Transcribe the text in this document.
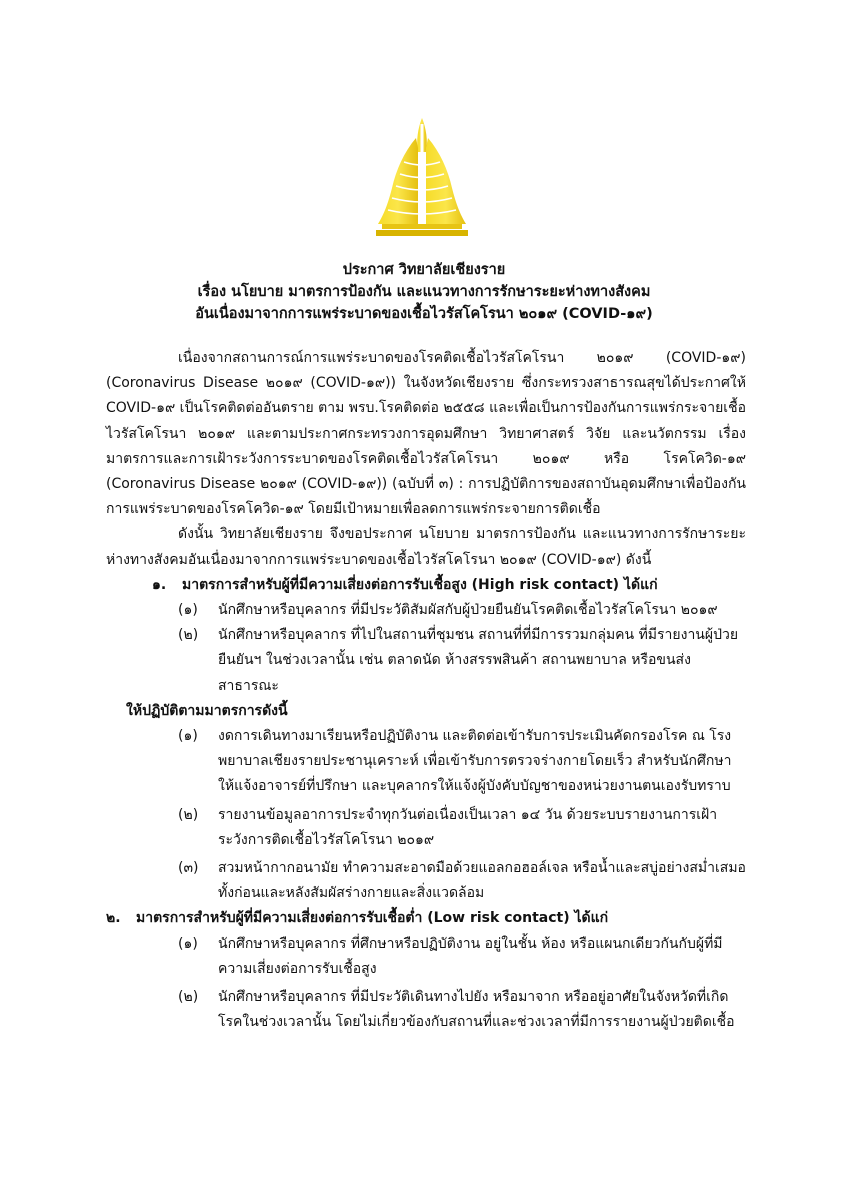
ประกาศ วิทยาลัยเชียงราย
เรื่อง นโยบาย มาตรการป้องกัน และแนวทางการรักษาระยะห่างทางสังคม
อันเนื่องมาจากการแพร่ระบาดของเชื้อไวรัสโคโรนา ๒๐๑๙ (COVID-๑๙)

เนื่องจากสถานการณ์การแพร่ระบาดของโรคติดเชื้อไวรัสโคโรนา ๒๐๑๙ (COVID-๑๙) (Coronavirus Disease ๒๐๑๙ (COVID-๑๙)) ในจังหวัดเชียงราย ซึ่งกระทรวงสาธารณสุขได้ประกาศให้ COVID-๑๙ เป็นโรคติดต่ออันตราย ตาม พรบ.โรคติดต่อ ๒๕๕๘ และเพื่อเป็นการป้องกันการแพร่กระจายเชื้อ ไวรัสโคโรนา ๒๐๑๙ และตามประกาศกระทรวงการอุดมศึกษา วิทยาศาสตร์ วิจัย และนวัตกรรม เรื่อง มาตรการและการเฝ้าระวังการระบาดของโรคติดเชื้อไวรัสโคโรนา ๒๐๑๙ หรือ โรคโควิด-๑๙ (Coronavirus Disease ๒๐๑๙ (COVID-๑๙)) (ฉบับที่ ๓) : การปฏิบัติการของสถาบันอุดมศึกษาเพื่อป้องกันการแพร่ระบาดของโรคโควิด-๑๙ โดยมีเป้าหมายเพื่อลดการแพร่กระจายการติดเชื้อ

ดังนั้น วิทยาลัยเชียงราย จึงขอประกาศ นโยบาย มาตรการป้องกัน และแนวทางการรักษาระยะห่างทางสังคมอันเนื่องมาจากการแพร่ระบาดของเชื้อไวรัสโคโรนา ๒๐๑๙ (COVID-๑๙) ดังนี้

๑.	มาตรการสำหรับผู้ที่มีความเสี่ยงต่อการรับเชื้อสูง (High risk contact) ได้แก่
(๑) นักศึกษาหรือบุคลากร ที่มีประวัติสัมผัสกับผู้ป่วยยืนยันโรคติดเชื้อไวรัสโคโรนา ๒๐๑๙
(๒) นักศึกษาหรือบุคลากร ที่ไปในสถานที่ชุมชน สถานที่ที่มีการรวมกลุ่มคน ที่มีรายงานผู้ป่วยยืนยันฯ ในช่วงเวลานั้น เช่น ตลาดนัด ห้างสรรพสินค้า สถานพยาบาล หรือขนส่งสาธารณะ

ให้ปฏิบัติตามมาตรการดังนี้

(๑) งดการเดินทางมาเรียนหรือปฏิบัติงาน และติดต่อเข้ารับการประเมินคัดกรองโรค ณ โรงพยาบาลเชียงรายประชานุเคราะห์ เพื่อเข้ารับการตรวจร่างกายโดยเร็ว สำหรับนักศึกษาให้แจ้งอาจารย์ที่ปรึกษา และบุคลากรให้แจ้งผู้บังคับบัญชาของหน่วยงานตนเองรับทราบ
(๒) รายงานข้อมูลอาการประจำทุกวันต่อเนื่องเป็นเวลา ๑๔ วัน ด้วยระบบรายงานการเฝ้าระวังการติดเชื้อไวรัสโคโรนา ๒๐๑๙
(๓) สวมหน้ากากอนามัย ทำความสะอาดมือด้วยแอลกอฮอล์เจล หรือน้ำและสบู่อย่างสม่ำเสมอทั้งก่อนและหลังสัมผัสร่างกายและสิ่งแวดล้อม
๒.	มาตรการสำหรับผู้ที่มีความเสี่ยงต่อการรับเชื้อต่ำ (Low risk contact) ได้แก่
(๑) นักศึกษาหรือบุคลากร ที่ศึกษาหรือปฏิบัติงาน อยู่ในชั้น ห้อง หรือแผนกเดียวกันกับผู้ที่มีความเสี่ยงต่อการรับเชื้อสูง
(๒) นักศึกษาหรือบุคลากร ที่มีประวัติเดินทางไปยัง หรือมาจาก หรืออยู่อาศัยในจังหวัดที่เกิดโรคในช่วงเวลานั้น โดยไม่เกี่ยวข้องกับสถานที่และช่วงเวลาที่มีการรายงานผู้ป่วยติดเชื้อ
